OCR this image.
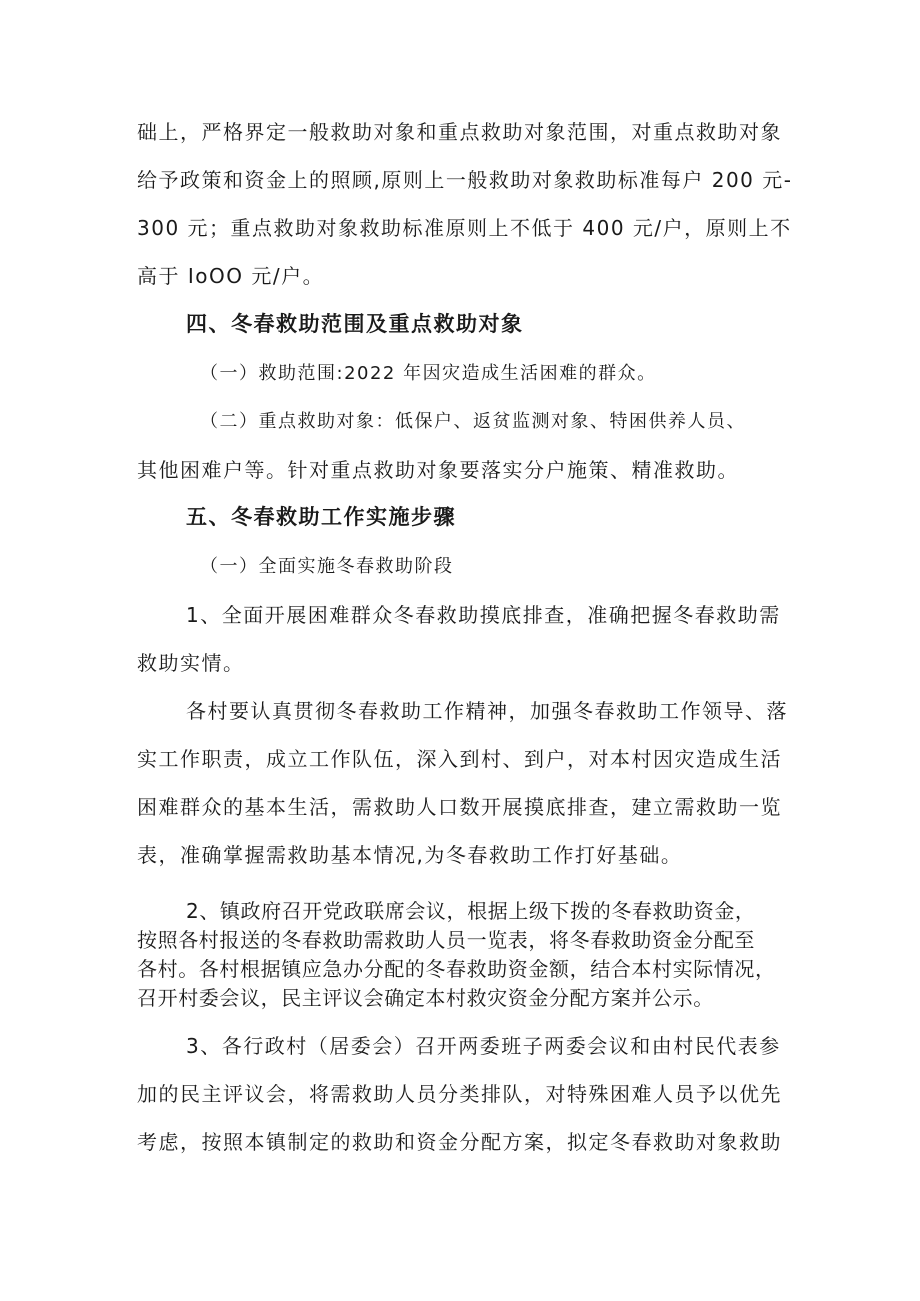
础上，严格界定一般救助对象和重点救助对象范围，对重点救助对象
给予政策和资金上的照顾,原则上一般救助对象救助标准每户 200 元-
300 元；重点救助对象救助标准原则上不低于 400 元/户，原则上不
高于 IoOO 元/户。
四、冬春救助范围及重点救助对象
（一）救助范围:2022 年因灾造成生活困难的群众。
（二）重点救助对象：低保户、返贫监测对象、特困供养人员、
其他困难户等。针对重点救助对象要落实分户施策、精准救助。
五、冬春救助工作实施步骤
（一）全面实施冬春救助阶段
1、全面开展困难群众冬春救助摸底排查，准确把握冬春救助需
救助实情。
各村要认真贯彻冬春救助工作精神，加强冬春救助工作领导、落
实工作职责，成立工作队伍，深入到村、到户，对本村因灾造成生活
困难群众的基本生活，需救助人口数开展摸底排查，建立需救助一览
表，准确掌握需救助基本情况,为冬春救助工作打好基础。
2、镇政府召开党政联席会议，根据上级下拨的冬春救助资金，
按照各村报送的冬春救助需救助人员一览表，将冬春救助资金分配至
各村。各村根据镇应急办分配的冬春救助资金额，结合本村实际情况，
召开村委会议，民主评议会确定本村救灾资金分配方案并公示。
3、各行政村（居委会）召开两委班子两委会议和由村民代表参
加的民主评议会，将需救助人员分类排队，对特殊困难人员予以优先
考虑，按照本镇制定的救助和资金分配方案，拟定冬春救助对象救助
